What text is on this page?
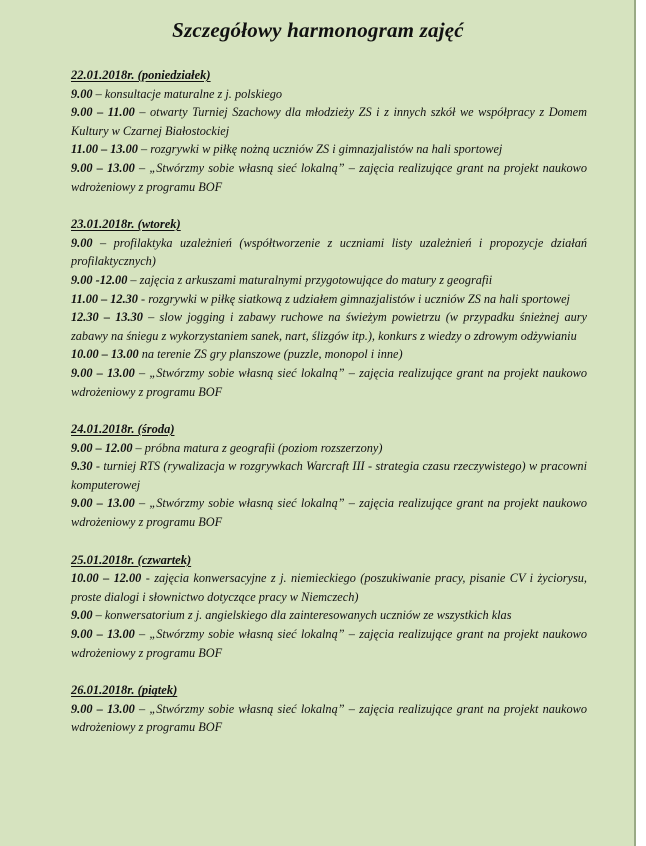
Szczegółowy harmonogram zajęć
22.01.2018r. (poniedziałek)
9.00 – konsultacje maturalne z j. polskiego
9.00 – 11.00 – otwarty Turniej Szachowy dla młodzieży ZS i z innych szkół we współpracy z Domem Kultury w Czarnej Białostockiej
11.00 – 13.00 – rozgrywki w piłkę nożną uczniów ZS i gimnazjalistów na hali sportowej
9.00 – 13.00 – „Stwórzmy sobie własną sieć lokalną” – zajęcia realizujące grant na projekt naukowo wdrożeniowy z programu BOF
23.01.2018r. (wtorek)
9.00 – profilaktyka uzależnień (współtworzenie z uczniami listy uzależnień i propozycje działań profilaktycznych)
9.00 -12.00 – zajęcia z arkuszami maturalnymi przygotowujące do matury z geografii
11.00 – 12.30 - rozgrywki w piłkę siatkową z udziałem gimnazjalistów i uczniów ZS na hali sportowej
12.30 – 13.30 – slow jogging i zabawy ruchowe na świeżym powietrzu (w przypadku śnieżnej aury zabawy na śniegu z wykorzystaniem sanek, nart, ślizgów itp.), konkurs z wiedzy o zdrowym odżywianiu
10.00 – 13.00 na terenie ZS gry planszowe (puzzle, monopol i inne)
9.00 – 13.00 – „Stwórzmy sobie własną sieć lokalną” – zajęcia realizujące grant na projekt naukowo wdrożeniowy z programu BOF
24.01.2018r. (środa)
9.00 – 12.00 – próbna matura z geografii (poziom rozszerzony)
9.30 - turniej RTS (rywalizacja w rozgrywkach Warcraft III - strategia czasu rzeczywistego) w pracowni komputerowej
9.00 – 13.00 – „Stwórzmy sobie własną sieć lokalną” – zajęcia realizujące grant na projekt naukowo wdrożeniowy z programu BOF
25.01.2018r. (czwartek)
10.00 – 12.00 - zajęcia konwersacyjne z j. niemieckiego (poszukiwanie pracy, pisanie CV i życiorysu, proste dialogi i słownictwo dotyczące pracy w Niemczech)
9.00 – konwersatorium z j. angielskiego dla zainteresowanych uczniów ze wszystkich klas
9.00 – 13.00 – „Stwórzmy sobie własną sieć lokalną” – zajęcia realizujące grant na projekt naukowo wdrożeniowy z programu BOF
26.01.2018r. (piątek)
9.00 – 13.00 – „Stwórzmy sobie własną sieć lokalną” – zajęcia realizujące grant na projekt naukowo wdrożeniowy z programu BOF
